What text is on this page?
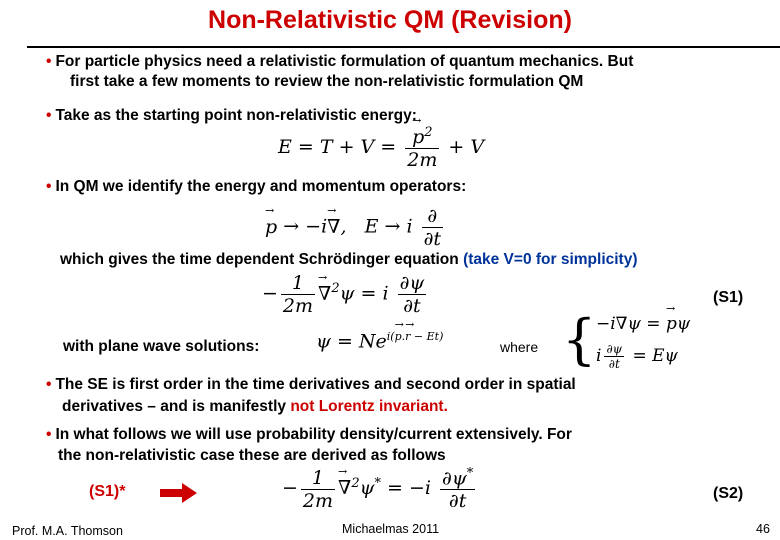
Non-Relativistic QM (Revision)
• For particle physics need a relativistic formulation of quantum mechanics. But
first take a few moments to review the non-relativistic formulation QM
• Take as the starting point non-relativistic energy:
E = T + V =
→ $\frac{p^2}{2m} + V$
• In QM we identify the energy and momentum operators:
→ p → −i→ ∇,   E → i $\frac{\partial}{\partial t}$
which gives the time dependent Schrödinger equation (take V=0 for simplicity)
− $\frac{1}{2m}$
→ ∇$^2$ψ = i $\frac{\partial\psi}{\partial t}$	(S1)
with plane wave solutions:	$\psi = Ne^{i(\to p.\to r - Et)}$
where { −i∇ψ = → pψ
i $\frac{\partial\psi}{\partial t} = E\psi$
• The SE is first order in the time derivatives and second order in spatial
derivatives – and is manifestly not Lorentz invariant.
• In what follows we will use probability density/current extensively. For
the non-relativistic case these are derived as follows
(S1)*	− $\frac{1}{2m}$
→ $\nabla^2\psi^* = -i \frac{\partial\psi^*}{\partial t}$	(S2)
Prof. M.A. Thomson	Michaelmas 2011	46
